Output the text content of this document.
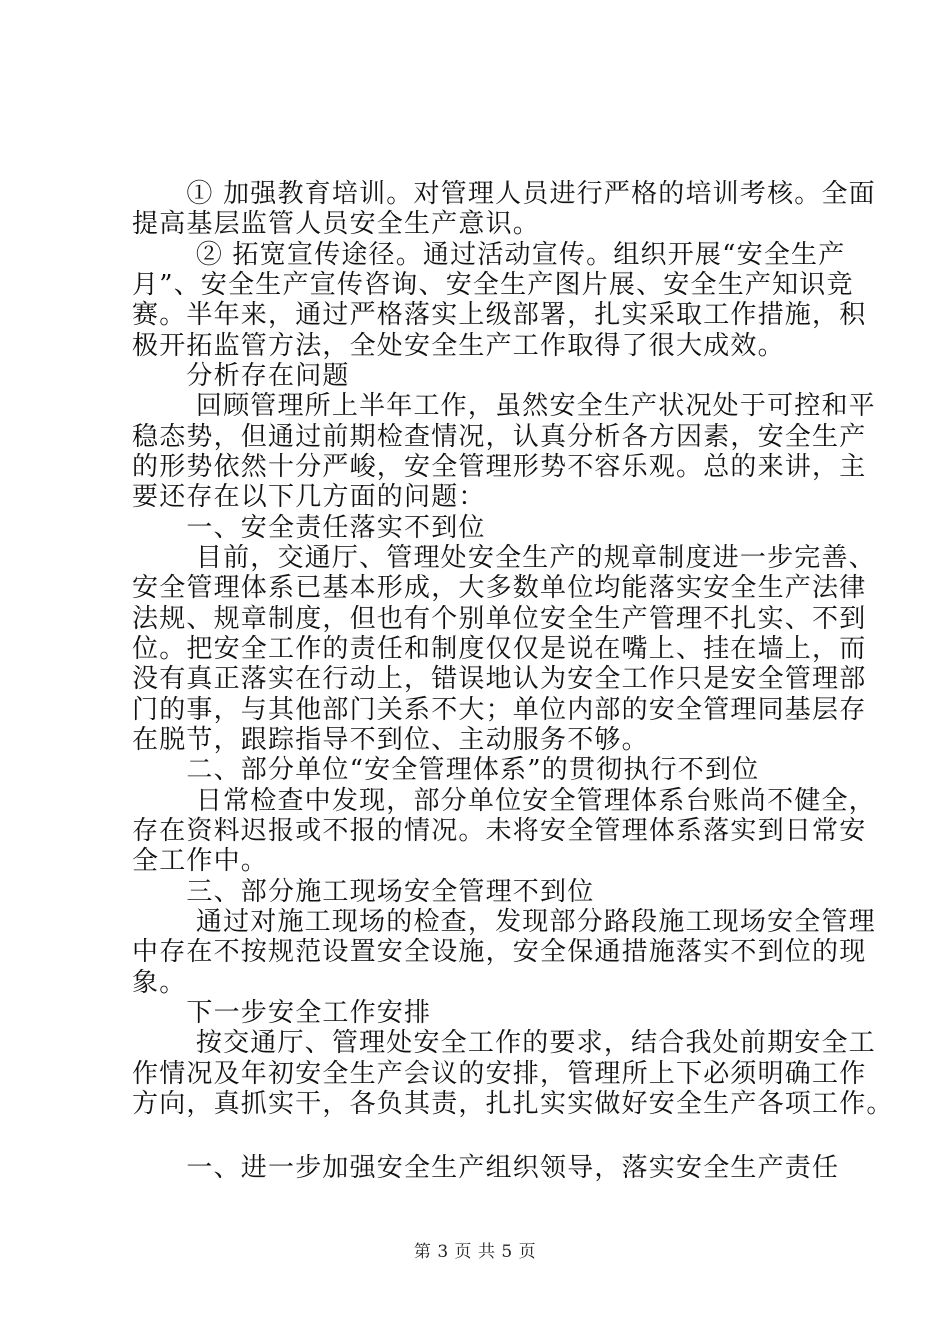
　　① 加强教育培训。对管理人员进行严格的培训考核。全面
提高基层监管人员安全生产意识。
　　 ② 拓宽宣传途径。通过活动宣传。组织开展“安全生产
月”、安全生产宣传咨询、安全生产图片展、安全生产知识竞
赛。半年来，通过严格落实上级部署，扎实采取工作措施，积
极开拓监管方法，全处安全生产工作取得了很大成效。
　　分析存在问题
　　 回顾管理所上半年工作，虽然安全生产状况处于可控和平
稳态势，但通过前期检查情况，认真分析各方因素，安全生产
的形势依然十分严峻，安全管理形势不容乐观。总的来讲，主
要还存在以下几方面的问题：
　　一、安全责任落实不到位
　　 目前，交通厅、管理处安全生产的规章制度进一步完善、
安全管理体系已基本形成，大多数单位均能落实安全生产法律
法规、规章制度，但也有个别单位安全生产管理不扎实、不到
位。把安全工作的责任和制度仅仅是说在嘴上、挂在墙上，而
没有真正落实在行动上，错误地认为安全工作只是安全管理部
门的事，与其他部门关系不大；单位内部的安全管理同基层存
在脱节，跟踪指导不到位、主动服务不够。
　　二、部分单位“安全管理体系”的贯彻执行不到位
　　 日常检查中发现，部分单位安全管理体系台账尚不健全，
存在资料迟报或不报的情况。未将安全管理体系落实到日常安
全工作中。
　　三、部分施工现场安全管理不到位
　　 通过对施工现场的检查，发现部分路段施工现场安全管理
中存在不按规范设置安全设施，安全保通措施落实不到位的现
象。
　　下一步安全工作安排
　　 按交通厅、管理处安全工作的要求，结合我处前期安全工
作情况及年初安全生产会议的安排，管理所上下必须明确工作
方向，真抓实干，各负其责，扎扎实实做好安全生产各项工作。
　　一、进一步加强安全生产组织领导，落实安全生产责任
第 3 页 共 5 页
